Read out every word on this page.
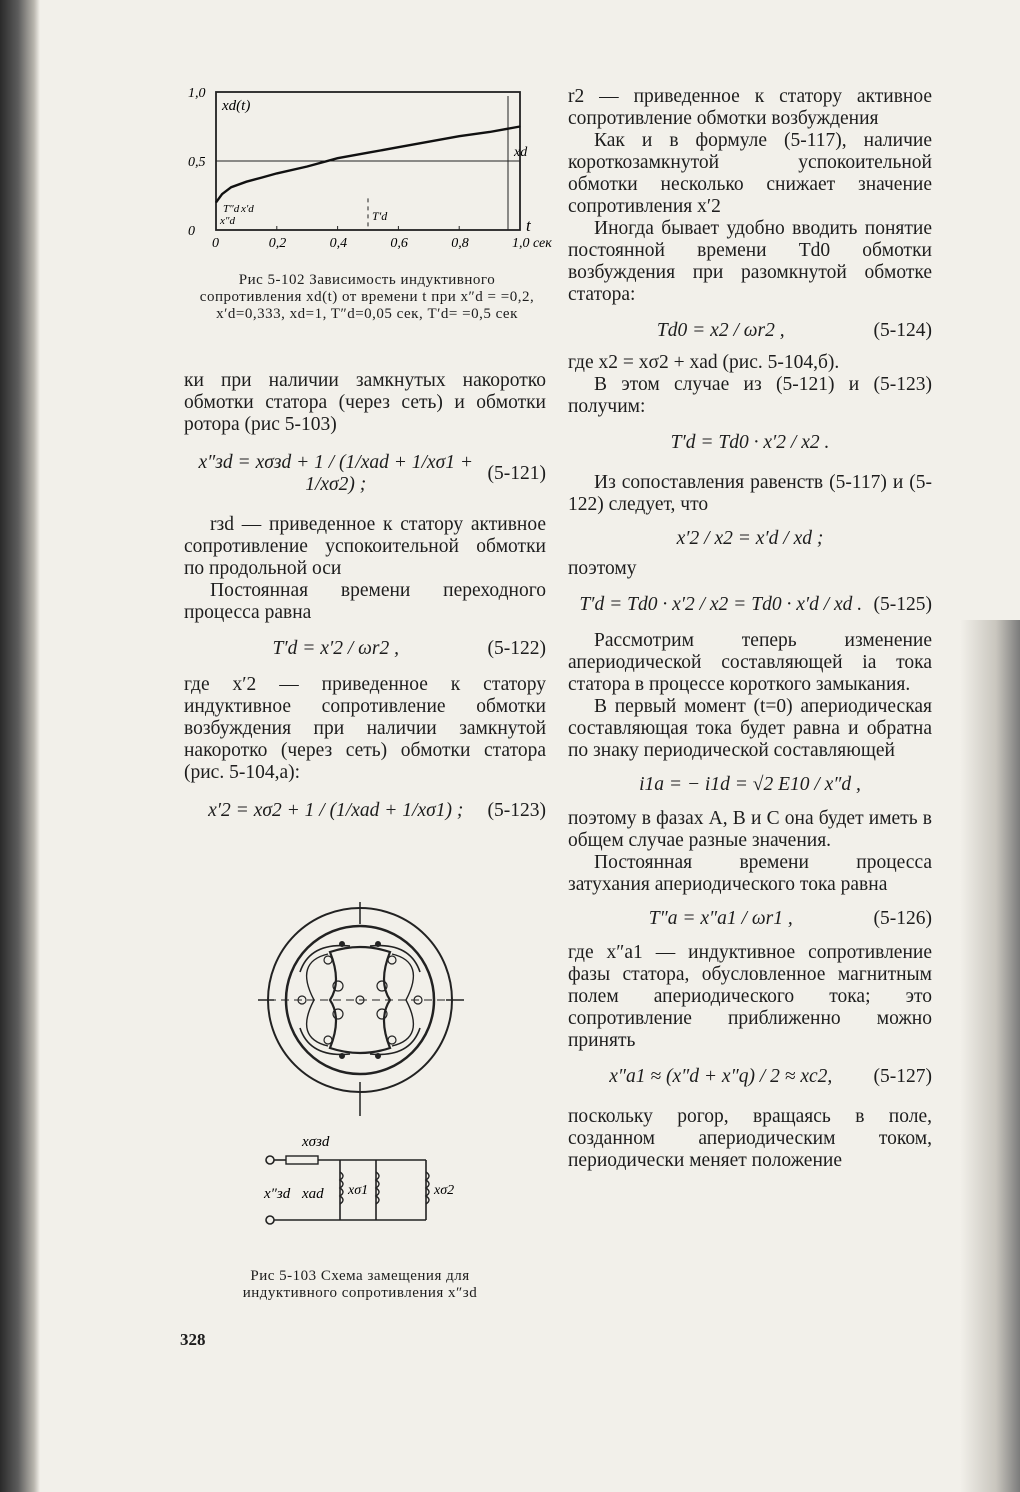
0	0,2	0,4	0,6	0,8	1,0 сек
1,0
0,5
0
xd(t)
xd
t
x″d
T″d x′d	T′d
Рис 5-102 Зависимость индуктивного сопротивления xd(t) от времени t при x″d = =0,2, x′d=0,333, xd=1, T″d=0,05 сек, T′d= =0,5 сек

ки при наличии замкнутых накоротко обмотки статора (через сеть) и обмотки ротора (рис 5-103)

x″зd = xσзd + 1 / (1/xad + 1/xσ1 + 1/xσ2) ;
(5-121)

rзd — приведенное к статору активное сопротивление успокоительной обмотки по продольной оси

Постоянная времени переходного процесса равна

T′d = x′2 / ωr2 ,	(5-122)

где x′2 — приведенное к статору индуктивное сопротивление обмотки возбуждения при наличии замкнутой накоротко (через сеть) обмотки статора (рис. 5-104,а):

x′2 = xσ2 + 1 / (1/xad + 1/xσ1) ;	(5-123)
xσзd
x″зd xad xσ1	xσ2
Рис 5-103 Схема замещения для индуктивного сопротивления x″зd
328

r2 — приведенное к статору активное сопротивление обмотки возбуждения

Как и в формуле (5-117), наличие короткозамкнутой успокоительной обмотки несколько снижает значение сопротивления x′2

Иногда бывает удобно вводить понятие постоянной времени Td0 обмотки возбуждения при разомкнутой обмотке статора:

Td0 = x2 / ωr2 ,	(5-124)

где x2 = xσ2 + xad (рис. 5-104,б).

В этом случае из (5-121) и (5-123) получим:

T′d = Td0 · x′2 / x2 .

Из сопоставления равенств (5-117) и (5-122) следует, что

x′2 / x2 = x′d / xd ;

поэтому

T′d = Td0 · x′2 / x2 = Td0 · x′d / xd . (5-125)

Рассмотрим теперь изменение апериодической составляющей ia тока статора в процессе короткого замыкания.

В первый момент (t=0) апериодическая составляющая тока будет равна и обратна по знаку периодической составляющей

i1a = − i1d = √2 E10 / x″d ,

поэтому в фазах A, B и C она будет иметь в общем случае разные значения.

Постоянная времени процесса затухания апериодического тока равна

T″a = x″a1 / ωr1 ,	(5-126)

где x″a1 — индуктивное сопротивление фазы статора, обусловленное магнитным полем апериодического тока; это сопротивление приближенно можно принять

x″a1 ≈ (x″d + x″q) / 2 ≈ xс2,	(5-127)

поскольку рогор, вращаясь в поле, созданном апериодическим током, периодически меняет положение
